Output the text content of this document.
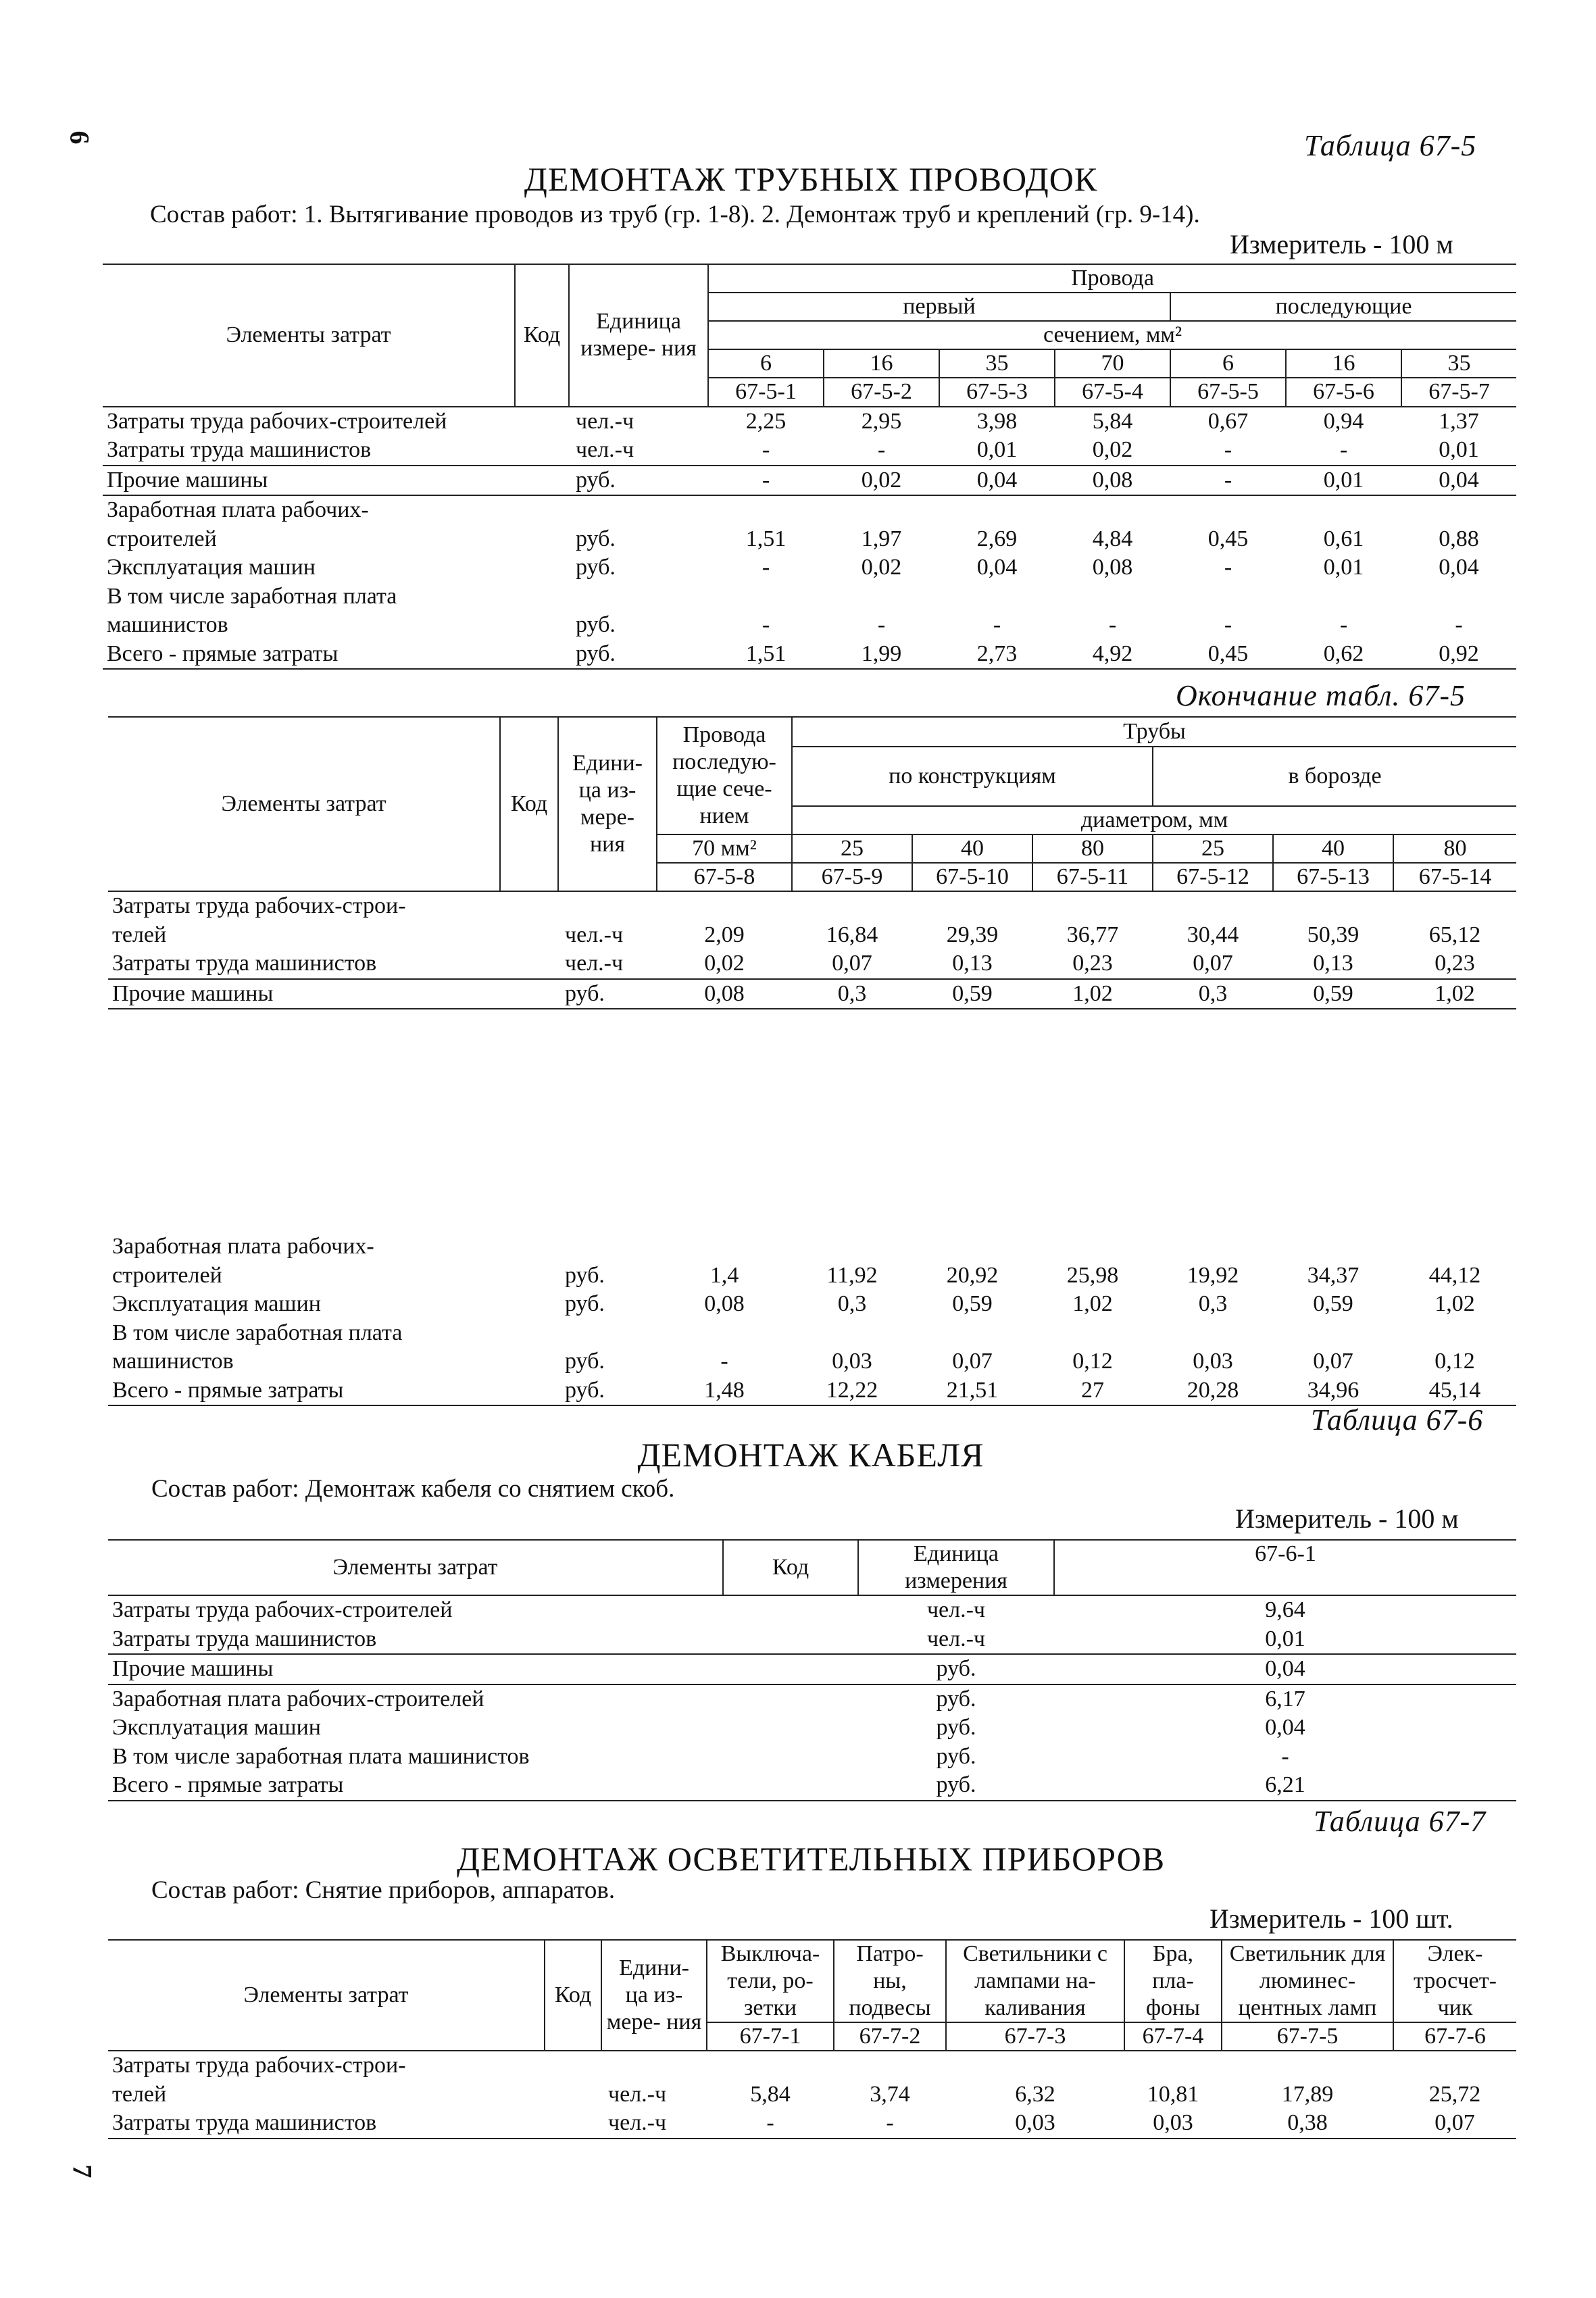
6
7
Таблица 67-5
ДЕМОНТАЖ ТРУБНЫХ ПРОВОДОК
Состав работ: 1. Вытягивание проводов из труб (гр. 1-8). 2. Демонтаж труб и креплений (гр. 9-14).
Измеритель - 100 м
Элементы затрат	Код	Единица измере- ния	Провода						
			первый				последующие		
			сечением, мм²						
			6	16	35	70	6	16	35
			67-5-1	67-5-2	67-5-3	67-5-4	67-5-5	67-5-6	67-5-7
Затраты труда рабочих-строителей		чел.-ч	2,25	2,95	3,98	5,84	0,67	0,94	1,37
Затраты труда машинистов		чел.-ч	-	-	0,01	0,02	-	-	0,01
Прочие машины		руб.	-	0,02	0,04	0,08	-	0,01	0,04
Заработная плата рабочих-									
строителей		руб.	1,51	1,97	2,69	4,84	0,45	0,61	0,88
Эксплуатация машин		руб.	-	0,02	0,04	0,08	-	0,01	0,04
В том числе заработная плата									
машинистов		руб.	-	-	-	-	-	-	-
Всего - прямые затраты		руб.	1,51	1,99	2,73	4,92	0,45	0,62	0,92
Окончание табл. 67-5
Элементы затрат	Код	Едини- ца из- мере- ния	Провода последую- щие сече- нием	Трубы					
				по конструкциям			в борозде		

				диаметром, мм					
			70 мм²	25	40	80	25	40	80
			67-5-8	67-5-9	67-5-10	67-5-11	67-5-12	67-5-13	67-5-14
Затраты труда рабочих-строи-									
телей		чел.-ч	2,09	16,84	29,39	36,77	30,44	50,39	65,12
Затраты труда машинистов		чел.-ч	0,02	0,07	0,13	0,23	0,07	0,13	0,23
Прочие машины		руб.	0,08	0,3	0,59	1,02	0,3	0,59	1,02

Заработная плата рабочих-									
строителей		руб.	1,4	11,92	20,92	25,98	19,92	34,37	44,12
Эксплуатация машин		руб.	0,08	0,3	0,59	1,02	0,3	0,59	1,02
В том числе заработная плата									
машинистов		руб.	-	0,03	0,07	0,12	0,03	0,07	0,12
Всего - прямые затраты		руб.	1,48	12,22	21,51	27	20,28	34,96	45,14
Таблица 67-6
ДЕМОНТАЖ КАБЕЛЯ
Состав работ: Демонтаж кабеля со снятием скоб.
Измеритель - 100 м
Элементы затрат	Код	Единица измерения	67-6-1
Затраты труда рабочих-строителей		чел.-ч	9,64
Затраты труда машинистов		чел.-ч	0,01
Прочие машины		руб.	0,04
Заработная плата рабочих-строителей		руб.	6,17
Эксплуатация машин		руб.	0,04
В том числе заработная плата машинистов		руб.	-
Всего - прямые затраты		руб.	6,21
Таблица 67-7
ДЕМОНТАЖ ОСВЕТИТЕЛЬНЫХ ПРИБОРОВ
Состав работ: Снятие приборов, аппаратов.
Измеритель - 100 шт.
Элементы затрат	Код	Едини- ца из- мере- ния	Выключа- тели, ро- зетки	Патро- ны, подвесы	Светильники с лампами на- каливания	Бра, пла- фоны	Светильник для люминес- центных ламп	Элек- тросчет- чик
			67-7-1	67-7-2	67-7-3	67-7-4	67-7-5	67-7-6
Затраты труда рабочих-строи-								
телей		чел.-ч	5,84	3,74	6,32	10,81	17,89	25,72
Затраты труда машинистов		чел.-ч	-	-	0,03	0,03	0,38	0,07
